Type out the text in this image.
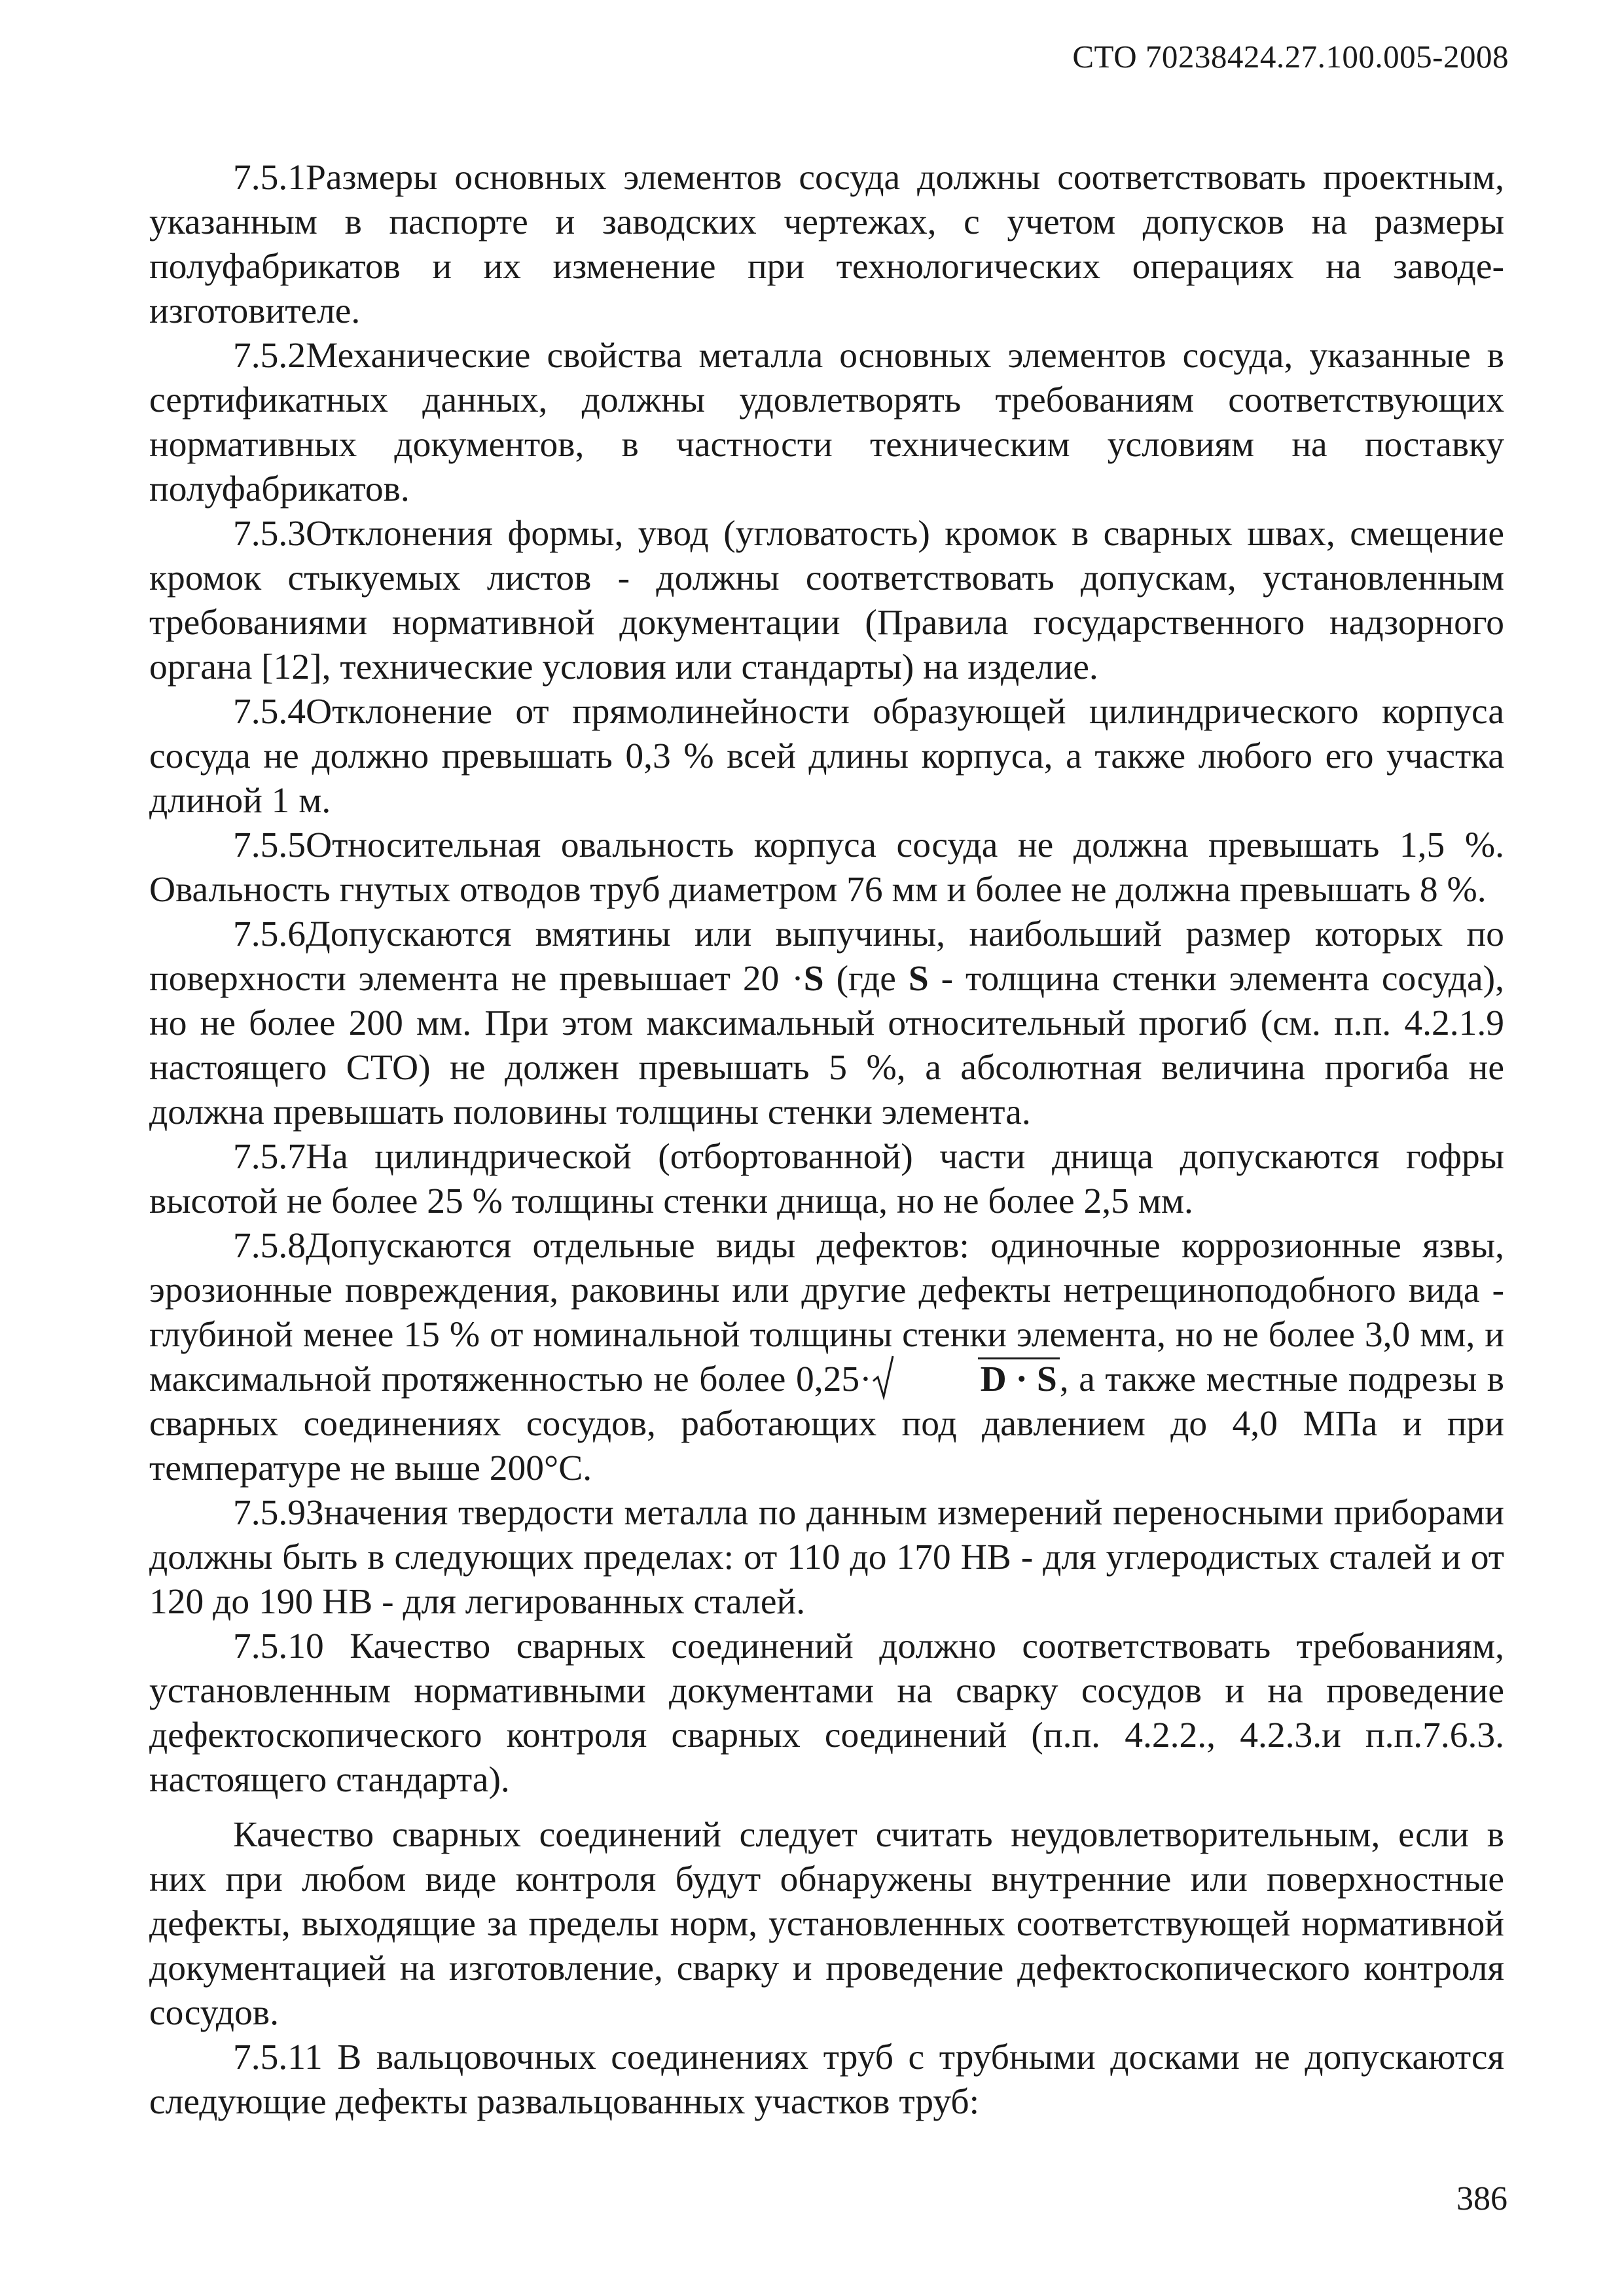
СТО 70238424.27.100.005-2008

7.5.1Размеры основных элементов сосуда должны соответствовать проектным, указанным в паспорте и заводских чертежах, с учетом допусков на размеры полуфабрикатов и их изменение при технологических операциях на заводе-изготовителе.

7.5.2Механические свойства металла основных элементов сосуда, указанные в сертификатных данных, должны удовлетворять требованиям соответствующих нормативных документов, в частности техническим условиям на поставку полуфабрикатов.

7.5.3Отклонения формы, увод (угловатость) кромок в сварных швах, смещение кромок стыкуемых листов - должны соответствовать допускам, установленным требованиями нормативной документации (Правила государственного надзорного органа [12], технические условия или стандарты) на изделие.

7.5.4Отклонение от прямолинейности образующей цилиндрического корпуса сосуда не должно превышать 0,3 % всей длины корпуса, а также любого его участка длиной 1 м.

7.5.5Относительная овальность корпуса сосуда не должна превышать 1,5 %. Овальность гнутых отводов труб диаметром 76 мм и более не должна превышать 8 %.

7.5.6Допускаются вмятины или выпучины, наибольший размер которых по поверхности элемента не превышает 20 ·S (где S - толщина стенки элемента сосуда), но не более 200 мм. При этом максимальный относительный прогиб (см. п.п. 4.2.1.9 настоящего СТО) не должен превышать 5 %, а абсолютная величина прогиба не должна превышать половины толщины стенки элемента.

7.5.7На цилиндрической (отбортованной) части днища допускаются гофры высотой не более 25 % толщины стенки днища, но не более 2,5 мм.

7.5.8Допускаются отдельные виды дефектов: одиночные коррозионные язвы, эрозионные повреждения, раковины или другие дефекты нетрещиноподобного вида - глубиной менее 15 % от номинальной толщины стенки элемента, но не более 3,0 мм, и максимальной протяженностью не более 0,25·	D · S, а также местные подрезы в сварных соединениях сосудов, работающих под давлением до 4,0 МПа и при температуре не выше 200°С.

7.5.9Значения твердости металла по данным измерений переносными приборами должны быть в следующих пределах: от 110 до 170 НВ - для углеродистых сталей и от 120 до 190 НВ - для легированных сталей.

7.5.10 Качество сварных соединений должно соответствовать требованиям, установленным нормативными документами на сварку сосудов и на проведение дефектоскопического контроля сварных соединений (п.п. 4.2.2., 4.2.3.и п.п.7.6.3. настоящего стандарта).

Качество сварных соединений следует считать неудовлетворительным, если в них при любом виде контроля будут обнаружены внутренние или поверхностные дефекты, выходящие за пределы норм, установленных соответствующей нормативной документацией на изготовление, сварку и проведение дефектоскопического контроля сосудов.

7.5.11 В вальцовочных соединениях труб с трубными досками не допускаются следующие дефекты развальцованных участков труб:

386
